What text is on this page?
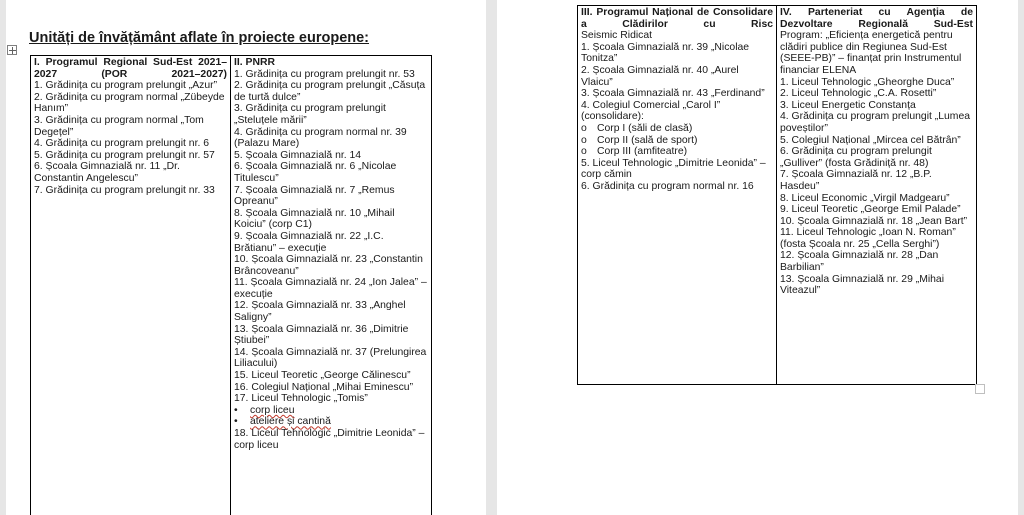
Unități de învățământ aflate în proiecte europene:
I. Programul Regional Sud-Est 2021–2027 (POR 2021–2027)
1. Grădinița cu program prelungit „Azur”
2. Grădinița cu program normal „Zübeyde Hanım”
3. Grădinița cu program normal „Tom Degețel”
4. Grădinița cu program prelungit nr. 6
5. Grădinița cu program prelungit nr. 57
6. Școala Gimnazială nr. 11 „Dr. Constantin Angelescu”
7. Grădinița cu program prelungit nr. 33
II. PNRR
1. Grădinița cu program prelungit nr. 53
2. Grădinița cu program prelungit „Căsuța de turtă dulce”
3. Grădinița cu program prelungit „Steluțele mării”
4. Grădinița cu program normal nr. 39 (Palazu Mare)
5. Școala Gimnazială nr. 14
6. Școala Gimnazială nr. 6 „Nicolae Titulescu”
7. Școala Gimnazială nr. 7 „Remus Opreanu”
8. Școala Gimnazială nr. 10 „Mihail Koiciu” (corp C1)
9. Școala Gimnazială nr. 22 „I.C. Brătianu” – execuție
10. Școala Gimnazială nr. 23 „Constantin Brâncoveanu”
11. Școala Gimnazială nr. 24 „Ion Jalea” – execuție
12. Școala Gimnazială nr. 33 „Anghel Saligny”
13. Școala Gimnazială nr. 36 „Dimitrie Știubei”
14. Școala Gimnazială nr. 37 (Prelungirea Liliacului)
15. Liceul Teoretic „George Călinescu”
16. Colegiul Național „Mihai Eminescu”
17. Liceul Tehnologic „Tomis”
•	corp liceu
•	ateliere și cantină
18. Liceul Tehnologic „Dimitrie Leonida” – corp liceu
III. Programul Național de Consolidare a Clădirilor cu Risc
Seismic Ridicat
1. Școala Gimnazială nr. 39 „Nicolae Tonitza”
2. Școala Gimnazială nr. 40 „Aurel Vlaicu”
3. Școala Gimnazială nr. 43 „Ferdinand”
4. Colegiul Comercial „Carol I” (consolidare):
o Corp I (săli de clasă)
o Corp II (sală de sport)
o Corp III (amfiteatre)
5. Liceul Tehnologic „Dimitrie Leonida” – corp cămin
6. Grădinița cu program normal nr. 16
IV. Parteneriat cu Agenția de Dezvoltare Regională Sud-Est
Program: „Eficiența energetică pentru clădiri publice din Regiunea Sud-Est (SEEE-PB)” – finanțat prin Instrumentul financiar ELENA
1. Liceul Tehnologic „Gheorghe Duca”
2. Liceul Tehnologic „C.A. Rosetti”
3. Liceul Energetic Constanța
4. Grădinița cu program prelungit „Lumea poveștilor”
5. Colegiul Național „Mircea cel Bătrân”
6. Grădinița cu program prelungit „Gulliver” (fosta Grădiniță nr. 48)
7. Școala Gimnazială nr. 12 „B.P. Hasdeu”
8. Liceul Economic „Virgil Madgearu”
9. Liceul Teoretic „George Emil Palade”
10. Școala Gimnazială nr. 18 „Jean Bart”
11. Liceul Tehnologic „Ioan N. Roman” (fosta Școala nr. 25 „Cella Serghi”)
12. Școala Gimnazială nr. 28 „Dan Barbilian”
13. Școala Gimnazială nr. 29 „Mihai Viteazul”
